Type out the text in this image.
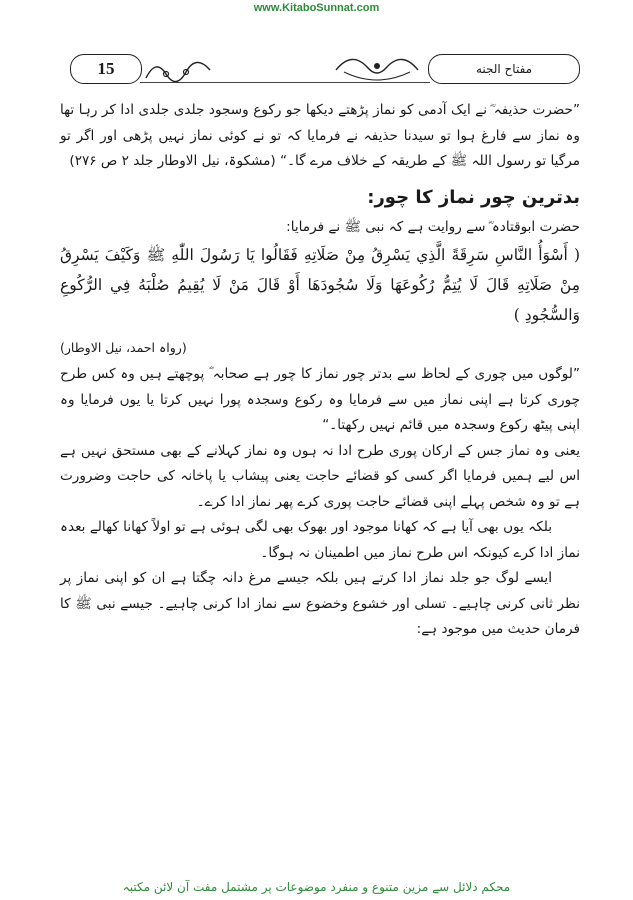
www.KitaboSunnat.com
15	مفتاح الجنه

”حضرت حذیفہ ؓ نے ایک آدمی کو نماز پڑھتے دیکھا جو رکوع وسجود جلدی جلدی ادا کر رہا تھا وہ نماز سے فارغ ہوا تو سیدنا حذیفہ نے فرمایا کہ تو نے کوئی نماز نہیں پڑھی اور اگر تو مرگیا تو رسول اللہ ﷺ کے طریقہ کے خلاف مرے گا۔“ (مشکوۃ، نیل الاوطار جلد ۲ ص ۲۷۶)

بدترین چور نماز کا چور:

حضرت ابوقتادہ ؓ سے روایت ہے کہ نبی ﷺ نے فرمایا:

( أَسْوَأُ النَّاسِ سَرِقَةً الَّذِي يَسْرِقُ مِنْ صَلَاتِهِ فَقَالُوا يَا رَسُولَ اللّٰهِ ﷺ وَكَيْفَ يَسْرِقُ مِنْ صَلَاتِهِ قَالَ لَا يُتِمُّ رُكُوعَهَا وَلَا سُجُودَهَا أَوْ قَالَ مَنْ لَا يُقِيمُ صُلْبَهُ فِي الرُّكُوعِ وَالسُّجُودِ )

(رواہ احمد، نیل الاوطار)

”لوگوں میں چوری کے لحاظ سے بدتر چور نماز کا چور ہے صحابہ ؓ پوچھتے ہیں وہ کس طرح چوری کرتا ہے اپنی نماز میں سے فرمایا وہ رکوع وسجدہ پورا نہیں کرتا یا یوں فرمایا وہ اپنی پیٹھ رکوع وسجدہ میں قائم نہیں رکھتا۔“

یعنی وہ نماز جس کے ارکان پوری طرح ادا نہ ہوں وہ نماز کہلانے کے بھی مستحق نہیں ہے اس لیے ہمیں فرمایا اگر کسی کو قضائے حاجت یعنی پیشاب یا پاخانہ کی حاجت وضرورت ہے تو وہ شخص پہلے اپنی قضائے حاجت پوری کرے پھر نماز ادا کرے۔

بلکہ یوں بھی آیا ہے کہ کھانا موجود اور بھوک بھی لگی ہوئی ہے تو اولاً کھانا کھالے بعدہ نماز ادا کرے کیونکہ اس طرح نماز میں اطمینان نہ ہوگا۔

ایسے لوگ جو جلد نماز ادا کرتے ہیں بلکہ جیسے مرغ دانہ چگتا ہے ان کو اپنی نماز پر نظر ثانی کرنی چاہیے۔ تسلی اور خشوع وخضوع سے نماز ادا کرنی چاہیے۔ جیسے نبی ﷺ کا فرمان حدیث میں موجود ہے:

محکم دلائل سے مزین متنوع و منفرد موضوعات پر مشتمل مفت آن لائن مکتبہ
